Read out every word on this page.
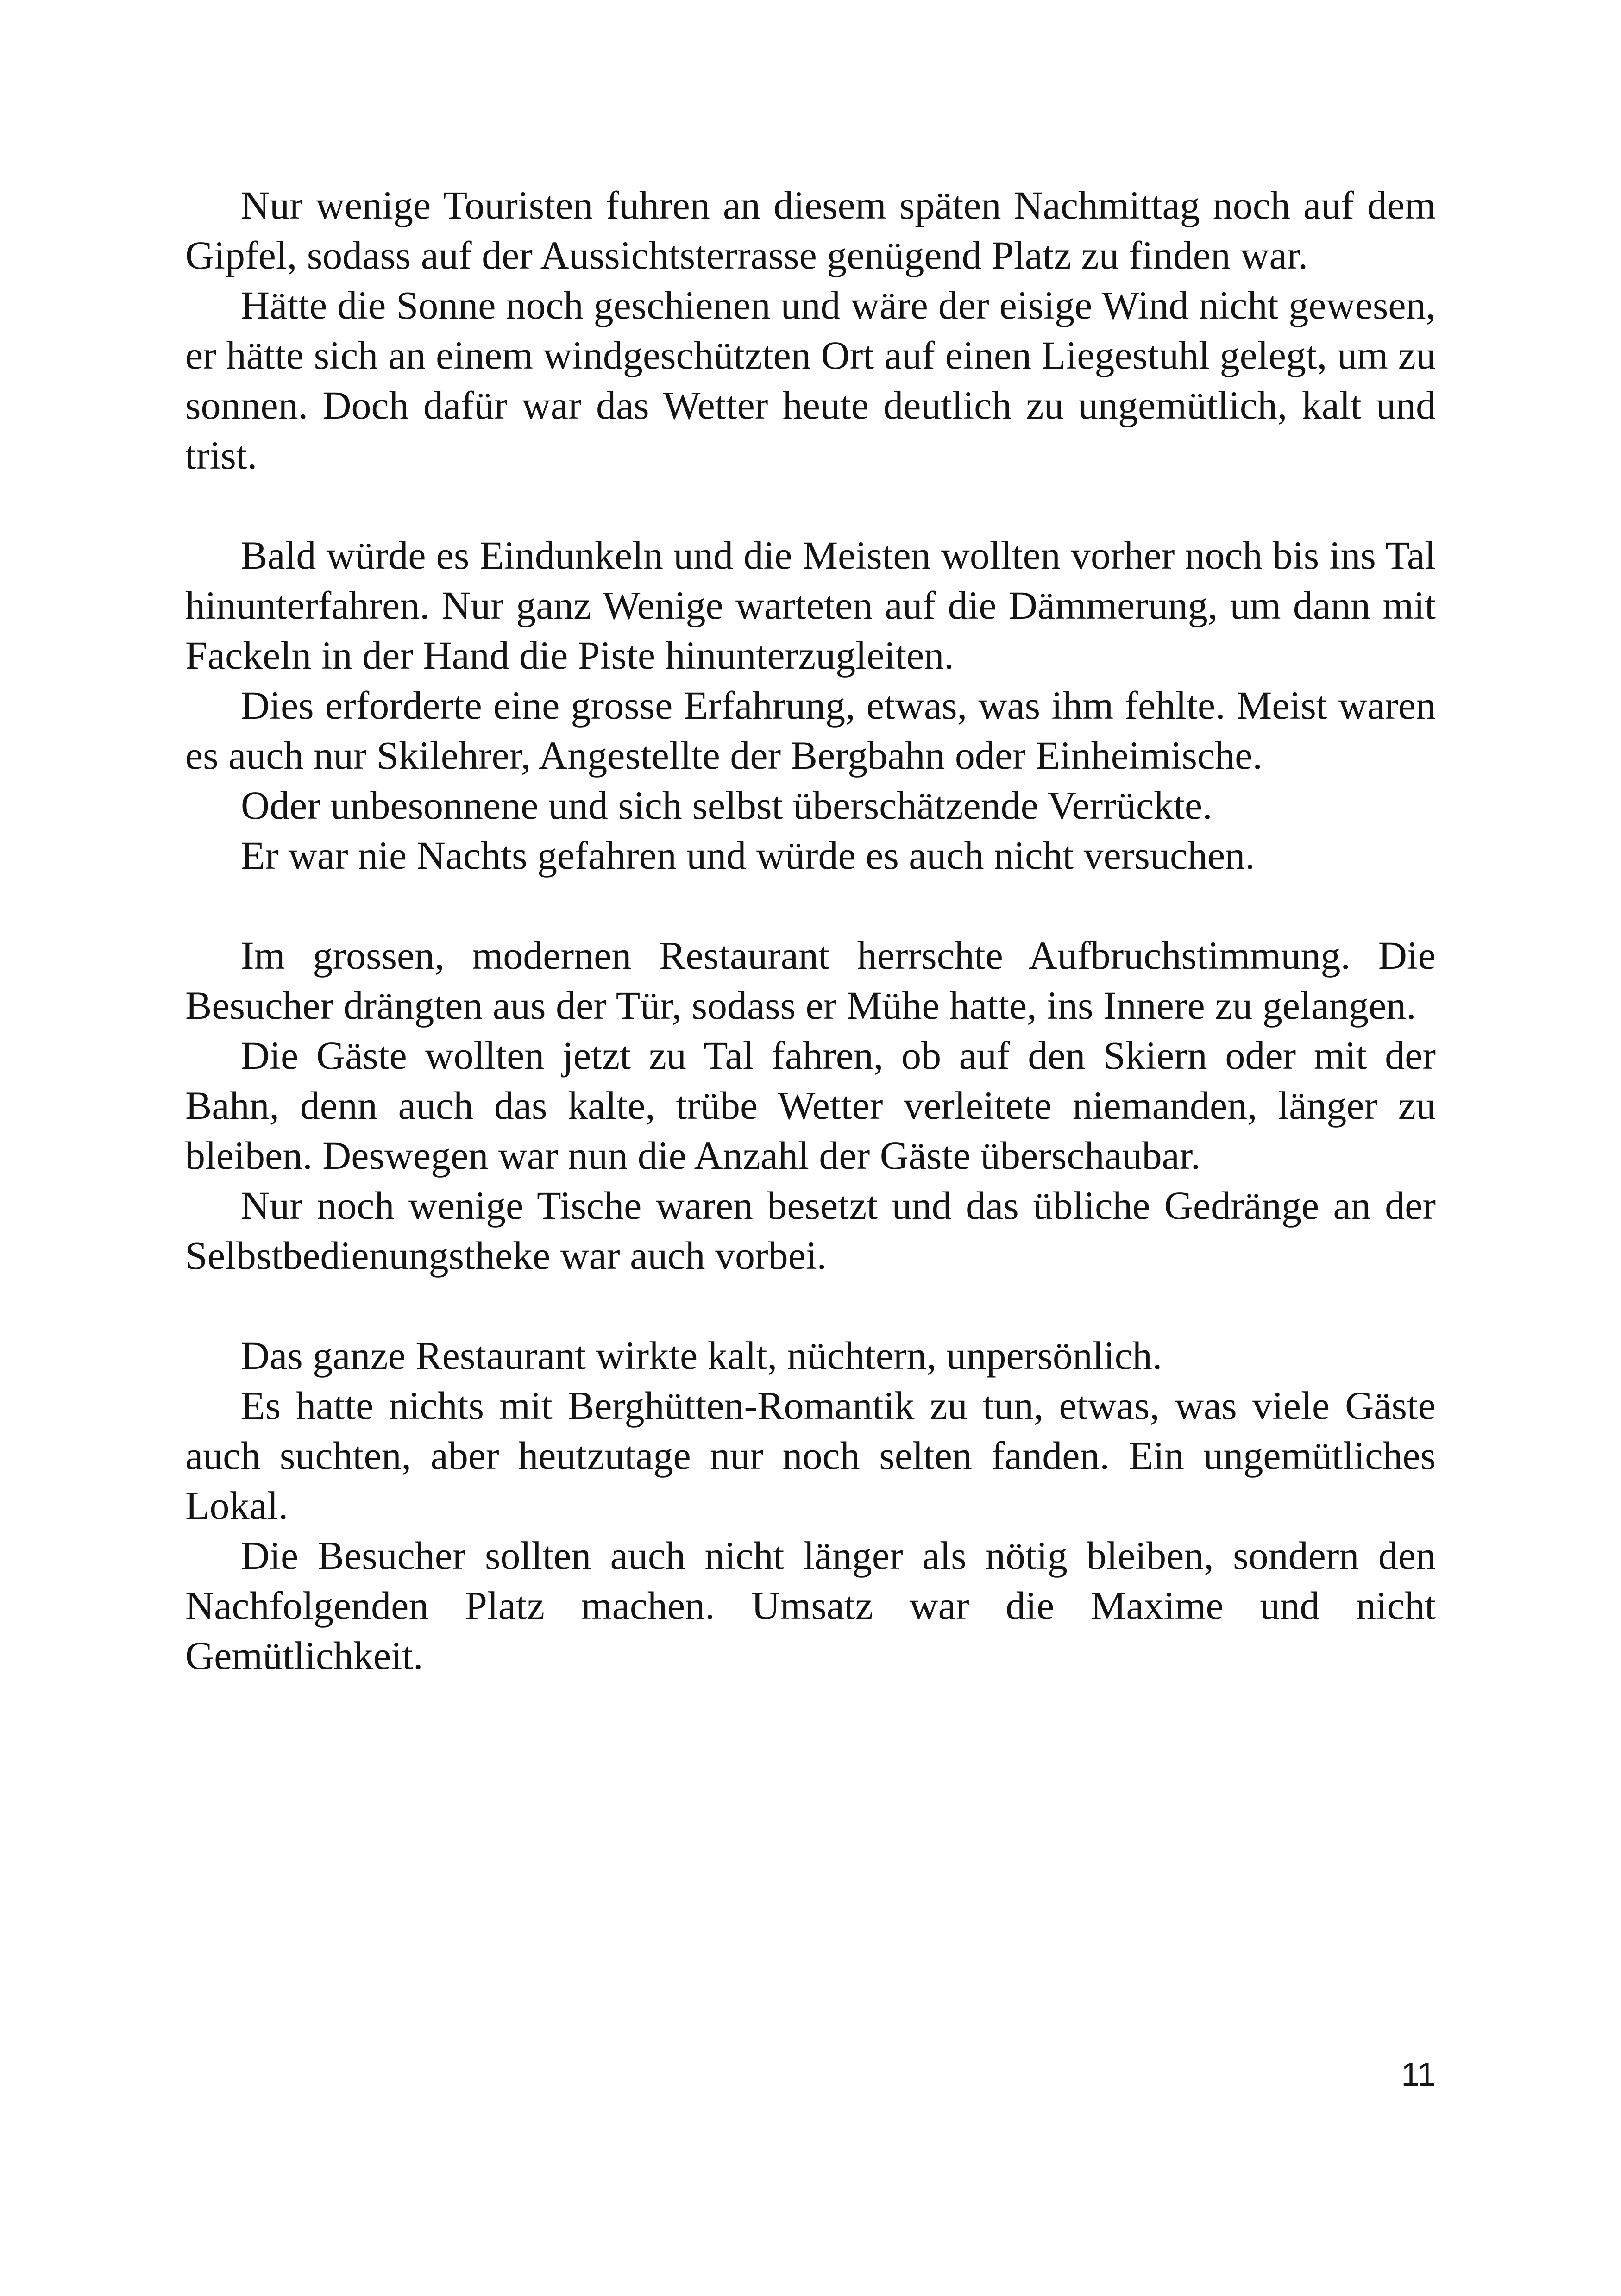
Nur wenige Touristen fuhren an diesem späten Nachmittag noch auf dem Gipfel, sodass auf der Aussichtsterrasse genügend Platz zu finden war.

Hätte die Sonne noch geschienen und wäre der eisige Wind nicht gewesen, er hätte sich an einem windgeschützten Ort auf einen Liegestuhl gelegt, um zu sonnen. Doch dafür war das Wetter heute deutlich zu ungemütlich, kalt und trist.

Bald würde es Eindunkeln und die Meisten wollten vorher noch bis ins Tal hinunterfahren. Nur ganz Wenige warteten auf die Dämmerung, um dann mit Fackeln in der Hand die Piste hinunterzugleiten.

Dies erforderte eine grosse Erfahrung, etwas, was ihm fehlte. Meist waren es auch nur Skilehrer, Angestellte der Bergbahn oder Einheimische.

Oder unbesonnene und sich selbst überschätzende Verrückte.

Er war nie Nachts gefahren und würde es auch nicht versuchen.

Im grossen, modernen Restaurant herrschte Aufbruchstimmung. Die Besucher drängten aus der Tür, sodass er Mühe hatte, ins Innere zu gelangen.

Die Gäste wollten jetzt zu Tal fahren, ob auf den Skiern oder mit der Bahn, denn auch das kalte, trübe Wetter verleitete niemanden, länger zu bleiben. Deswegen war nun die Anzahl der Gäste überschaubar.

Nur noch wenige Tische waren besetzt und das übliche Gedränge an der Selbstbedienungstheke war auch vorbei.

Das ganze Restaurant wirkte kalt, nüchtern, unpersönlich.

Es hatte nichts mit Berghütten-Romantik zu tun, etwas, was viele Gäste auch suchten, aber heutzutage nur noch selten fanden. Ein ungemütliches Lokal.

Die Besucher sollten auch nicht länger als nötig bleiben, sondern den Nachfolgenden Platz machen. Umsatz war die Maxime und nicht Gemütlichkeit.

11
